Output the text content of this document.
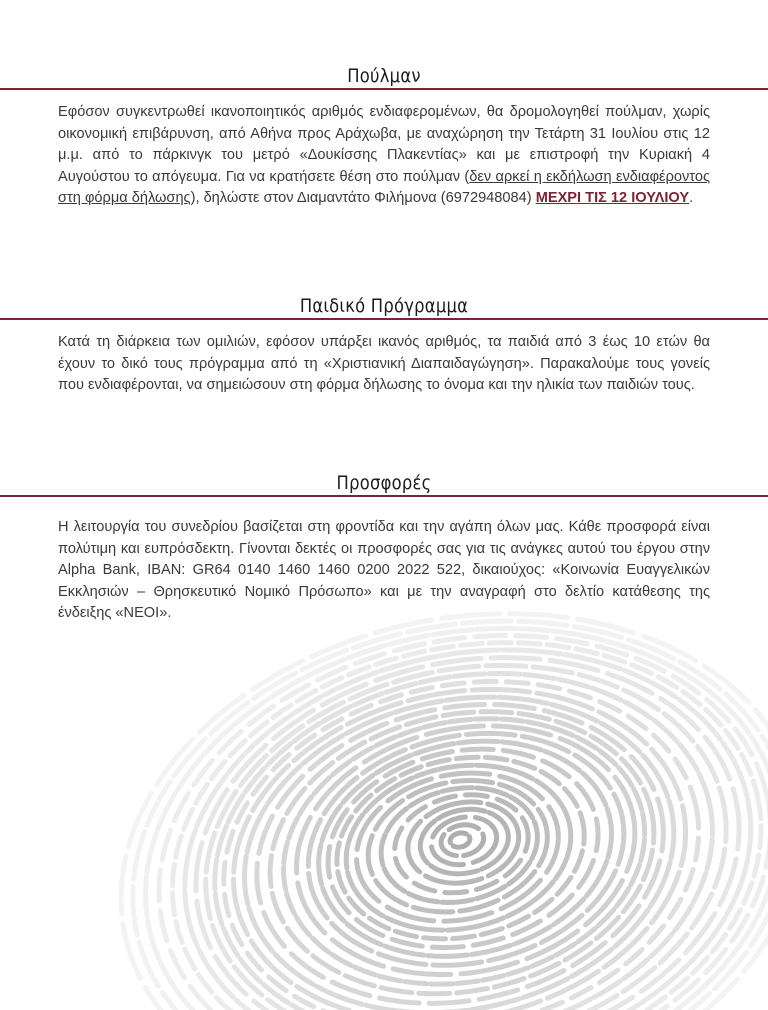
Πούλμαν
Εφόσον συγκεντρωθεί ικανοποιητικός αριθμός ενδιαφερομένων, θα δρομολογηθεί πούλμαν, χωρίς οικονομική επιβάρυνση, από Αθήνα προς Αράχωβα, με αναχώρηση την Τετάρτη 31 Ιουλίου στις 12 μ.μ. από το πάρκινγκ του μετρό «Δουκίσσης Πλακεντίας» και με επιστροφή την Κυριακή 4 Αυγούστου το απόγευμα. Για να κρατήσετε θέση στο πούλμαν (δεν αρκεί η εκδήλωση ενδιαφέροντος στη φόρμα δήλωσης), δηλώστε στον Διαμαντάτο Φιλήμονα (6972948084) ΜΕΧΡΙ ΤΙΣ 12 ΙΟΥΛΙΟΥ.
Παιδικό Πρόγραμμα
Κατά τη διάρκεια των ομιλιών, εφόσον υπάρξει ικανός αριθμός, τα παιδιά από 3 έως 10 ετών θα έχουν το δικό τους πρόγραμμα από τη «Χριστιανική Διαπαιδαγώγηση». Παρακαλούμε τους γονείς που ενδιαφέρονται, να σημειώσουν στη φόρμα δήλωσης το όνομα και την ηλικία των παιδιών τους.
Προσφορές
Η λειτουργία του συνεδρίου βασίζεται στη φροντίδα και την αγάπη όλων μας. Κάθε προσφορά είναι πολύτιμη και ευπρόσδεκτη. Γίνονται δεκτές οι προσφορές σας για τις ανάγκες αυτού του έργου στην Alpha Bank, IBAN: GR64 0140 1460 1460 0200 2022 522, δικαιούχος: «Κοινωνία Ευαγγελικών Εκκλησιών – Θρησκευτικό Νομικό Πρόσωπο» και με την αναγραφή στο δελτίο κατάθεσης της ένδειξης «ΝΕΟΙ».
